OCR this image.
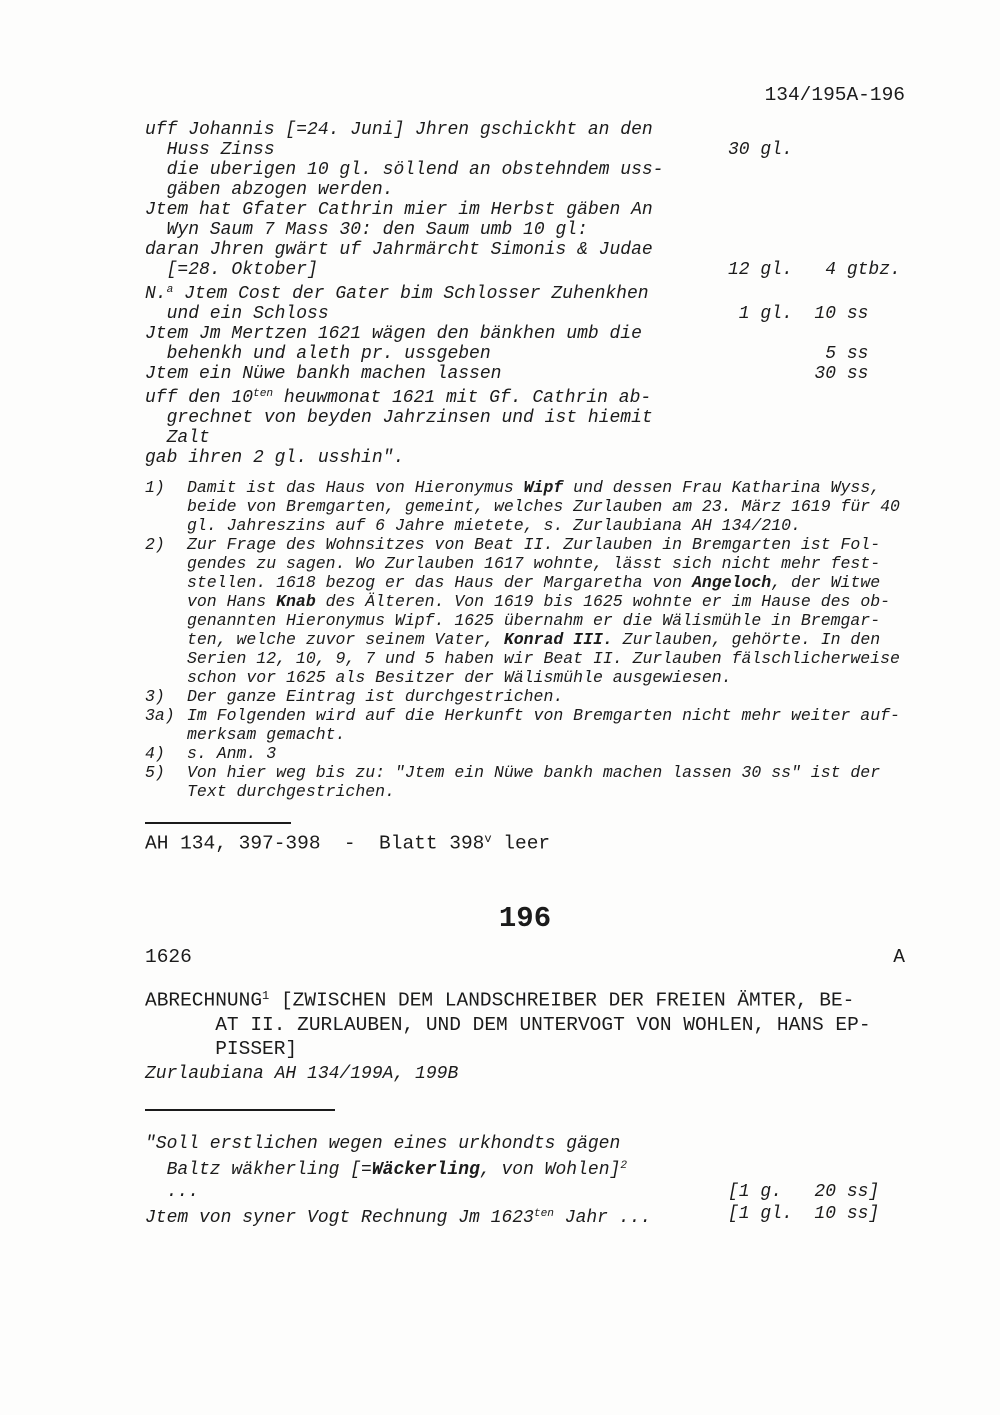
134/195A-196
uff Johannis [=24. Juni] Jhren gschickht an den
Huss Zinss	30 gl.
die uberigen 10 gl. söllend an obstehndem uss-
gäben abzogen werden.
Jtem hat Gfater Cathrin mier im Herbst gäben An
Wyn Saum 7 Mass 30: den Saum umb 10 gl:
daran Jhren gwärt uf Jahrmärcht Simonis & Judae
[=28. Oktober]	12 gl.   4 gtbz.
N.$^a$ Jtem Cost der Gater bim Schlosser Zuhenkhen
und ein Schloss	1 gl.  10 ss
Jtem Jm Mertzen 1621 wägen den bänkhen umb die
behenkh und aleth pr. ussgeben	5 ss
Jtem ein Nüwe bankh machen lassen	30 ss
uff den $10^{ten}$ heuwmonat 1621 mit Gf. Cathrin ab-
grechnet von beyden Jahrzinsen und ist hiemit
Zalt
gab ihren 2 gl. usshin".
1)	Damit ist das Haus von Hieronymus Wipf und dessen Frau Katharina Wyss,
beide von Bremgarten, gemeint, welches Zurlauben am 23. März 1619 für 40
gl. Jahreszins auf 6 Jahre mietete, s. Zurlaubiana AH 134/210.
2)	Zur Frage des Wohnsitzes von Beat II. Zurlauben in Bremgarten ist Fol-
gendes zu sagen. Wo Zurlauben 1617 wohnte, lässt sich nicht mehr fest-
stellen. 1618 bezog er das Haus der Margaretha von Angeloch, der Witwe
von Hans Knab des Älteren. Von 1619 bis 1625 wohnte er im Hause des ob-
genannten Hieronymus Wipf. 1625 übernahm er die Wälismühle in Bremgar-
ten, welche zuvor seinem Vater, Konrad III. Zurlauben, gehörte. In den
Serien 12, 10, 9, 7 und 5 haben wir Beat II. Zurlauben fälschlicherweise
schon vor 1625 als Besitzer der Wälismühle ausgewiesen.
3)	Der ganze Eintrag ist durchgestrichen.
3a) Im Folgenden wird auf die Herkunft von Bremgarten nicht mehr weiter auf-
merksam gemacht.
4)	s. Anm. 3
5)	Von hier weg bis zu: "Jtem ein Nüwe bankh machen lassen 30 ss" ist der
Text durchgestrichen.
AH 134, 397-398  -  Blatt 398$^v$ leer
196
1626	A
ABRECHNUNG$^1$ [ZWISCHEN DEM LANDSCHREIBER DER FREIEN ÄMTER, BE-
AT II. ZURLAUBEN, UND DEM UNTERVOGT VON WOHLEN, HANS EP-
PISSER]
Zurlaubiana AH 134/199A, 199B
"Soll erstlichen wegen eines urkhondts gägen
Baltz wäkherling [=Wäckerling, von Wohlen]$^2$
...	[1 g.   20 ss]
Jtem von syner Vogt Rechnung Jm $1623^{ten}$ Jahr ...	[1 gl.  10 ss]
